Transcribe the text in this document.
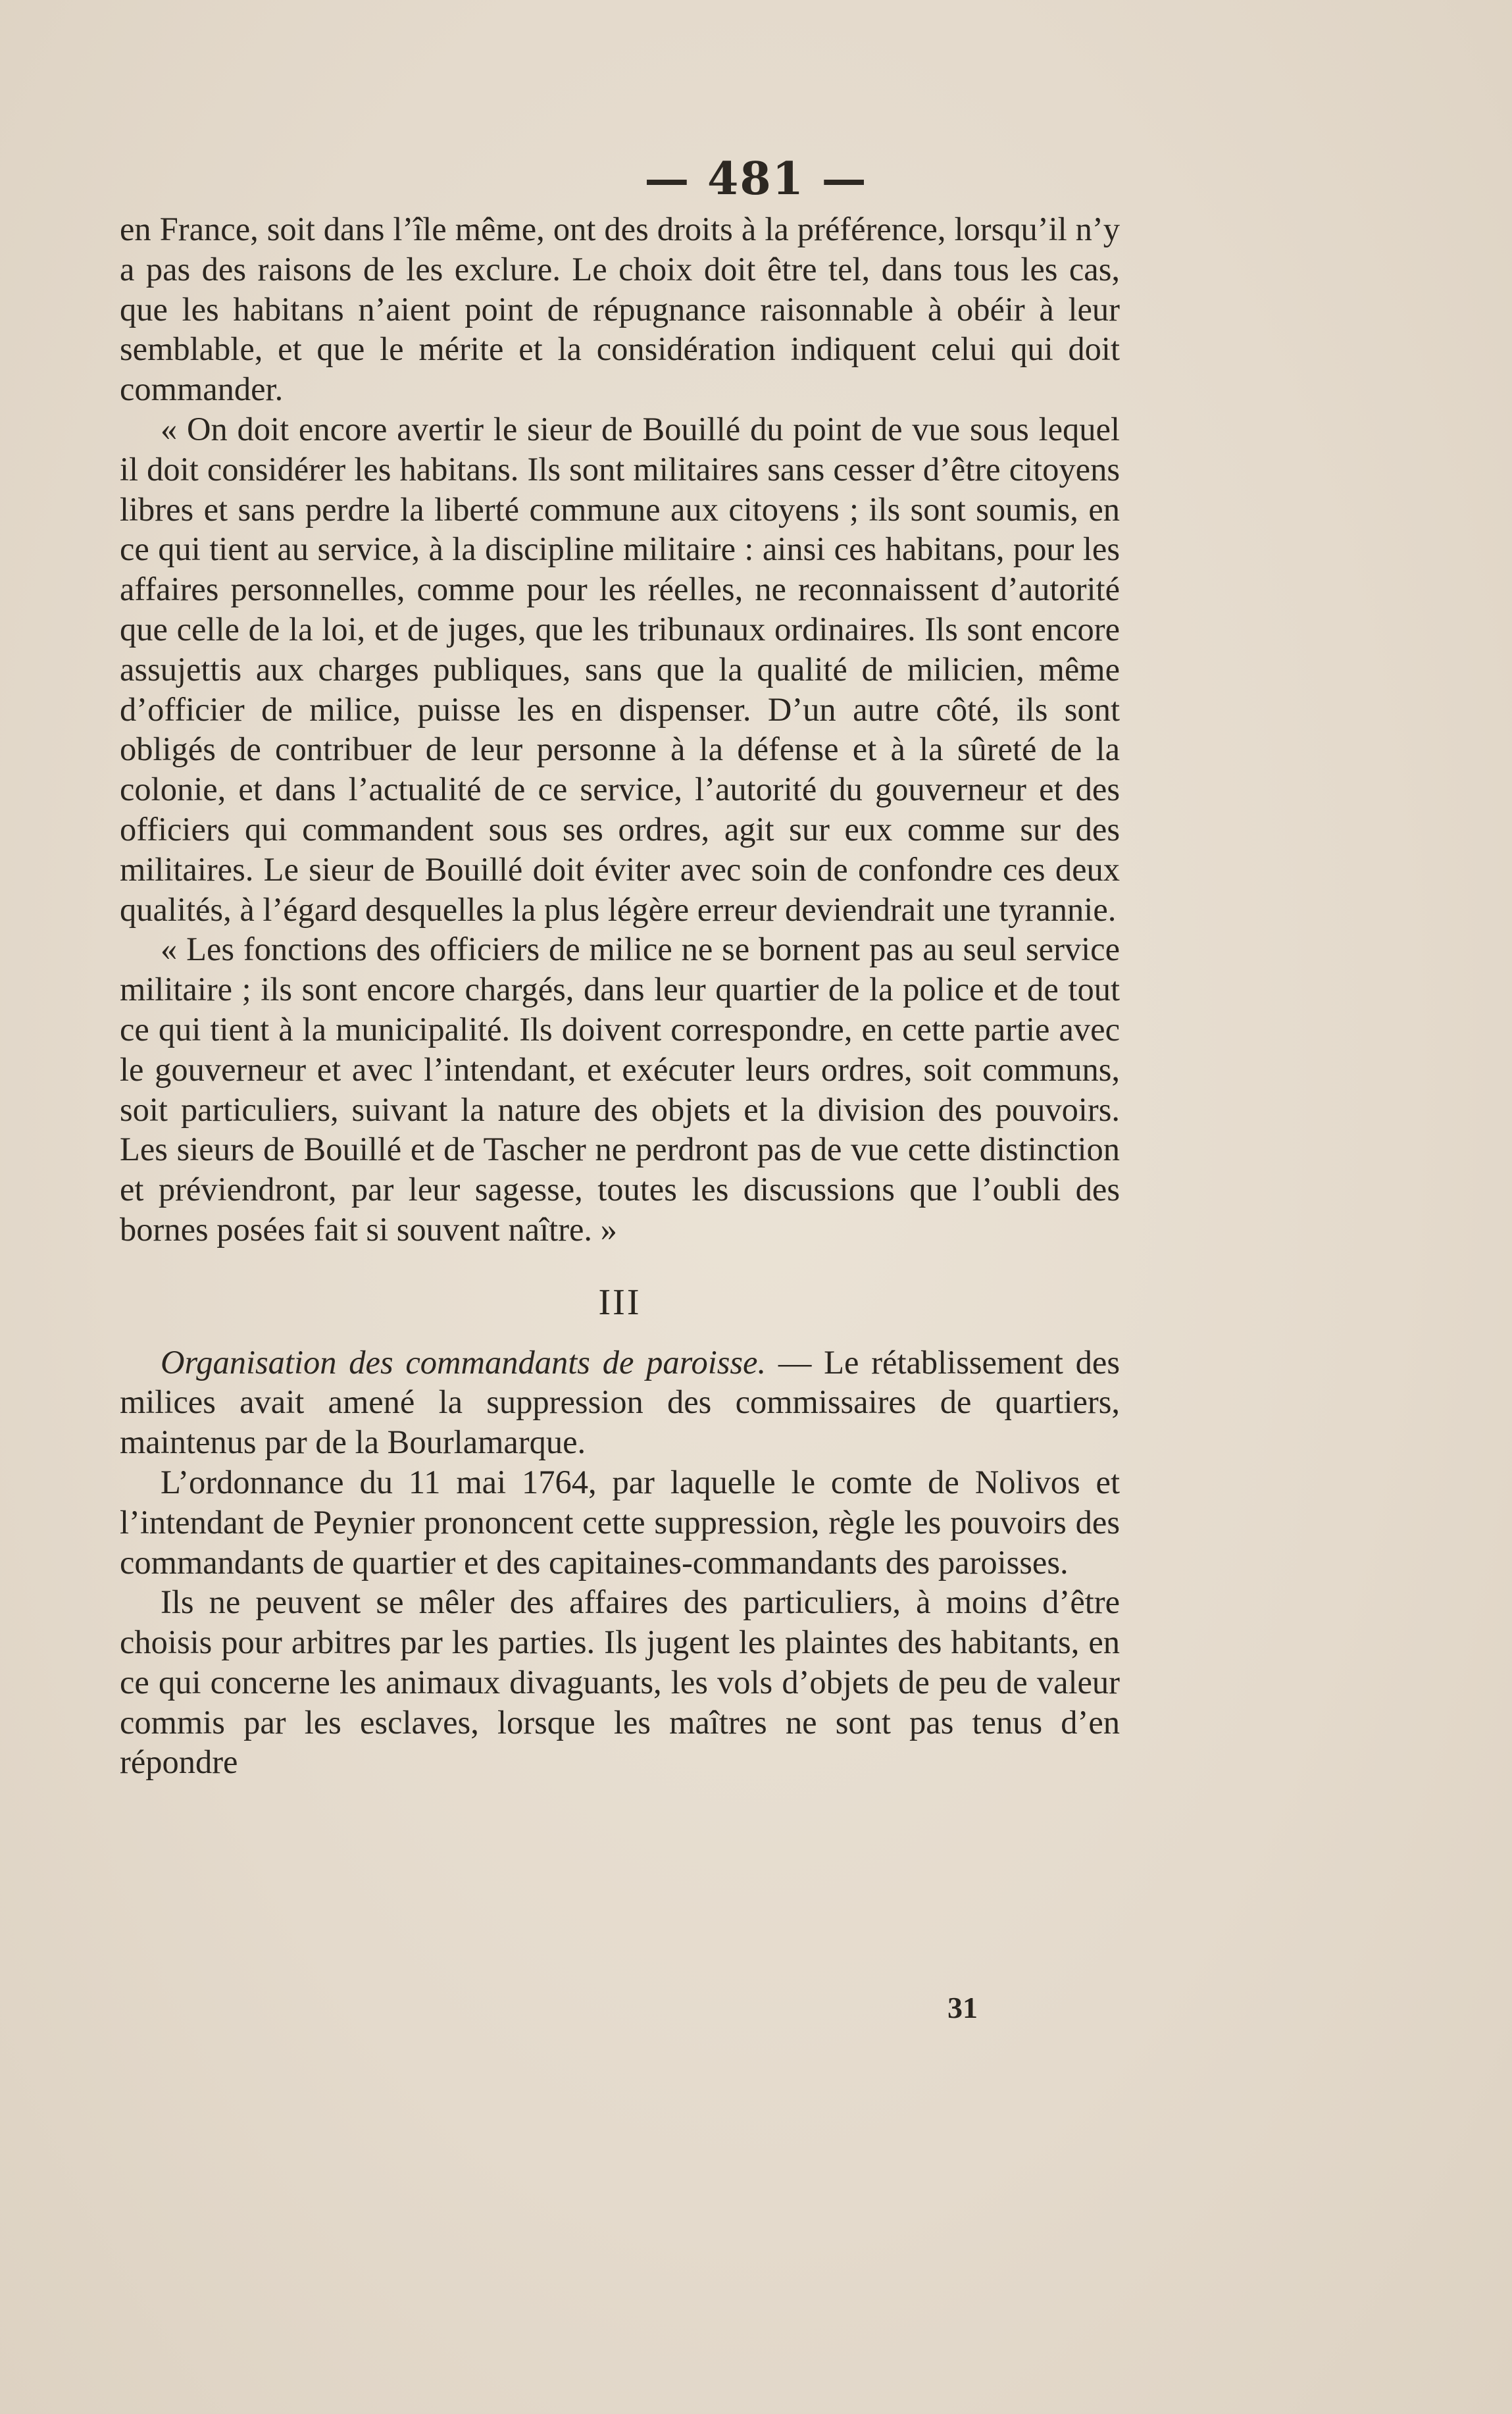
— 481 —

en France, soit dans l’île même, ont des droits à la préférence, lorsqu’il n’y a pas des raisons de les exclure. Le choix doit être tel, dans tous les cas, que les habitans n’aient point de répugnance raisonnable à obéir à leur semblable, et que le mérite et la considération indiquent celui qui doit commander.

« On doit encore avertir le sieur de Bouillé du point de vue sous lequel il doit considérer les habitans. Ils sont militaires sans cesser d’être citoyens libres et sans perdre la liberté commune aux citoyens ; ils sont soumis, en ce qui tient au service, à la discipline militaire : ainsi ces habitans, pour les affaires personnelles, comme pour les réelles, ne reconnaissent d’autorité que celle de la loi, et de juges, que les tribunaux ordinaires. Ils sont encore assujettis aux charges publiques, sans que la qualité de milicien, même d’officier de milice, puisse les en dispenser. D’un autre côté, ils sont obligés de contribuer de leur personne à la défense et à la sûreté de la colonie, et dans l’actualité de ce service, l’autorité du gouverneur et des officiers qui commandent sous ses ordres, agit sur eux comme sur des militaires. Le sieur de Bouillé doit éviter avec soin de confondre ces deux qualités, à l’égard desquelles la plus légère erreur deviendrait une tyrannie.

« Les fonctions des officiers de milice ne se bornent pas au seul service militaire ; ils sont encore chargés, dans leur quartier de la police et de tout ce qui tient à la municipalité. Ils doivent correspondre, en cette partie avec le gouverneur et avec l’intendant, et exécuter leurs ordres, soit communs, soit particuliers, suivant la nature des objets et la division des pouvoirs. Les sieurs de Bouillé et de Tascher ne perdront pas de vue cette distinction et préviendront, par leur sagesse, toutes les discussions que l’oubli des bornes posées fait si souvent naître. »

III

Organisation des commandants de paroisse. — Le rétablissement des milices avait amené la suppression des commissaires de quartiers, maintenus par de la Bourlamarque.

L’ordonnance du 11 mai 1764, par laquelle le comte de Nolivos et l’intendant de Peynier prononcent cette suppression, règle les pouvoirs des commandants de quartier et des capitaines-commandants des paroisses.

Ils ne peuvent se mêler des affaires des particuliers, à moins d’être choisis pour arbitres par les parties. Ils jugent les plaintes des habitants, en ce qui concerne les animaux divaguants, les vols d’objets de peu de valeur commis par les esclaves, lorsque les maîtres ne sont pas tenus d’en répondre

31
